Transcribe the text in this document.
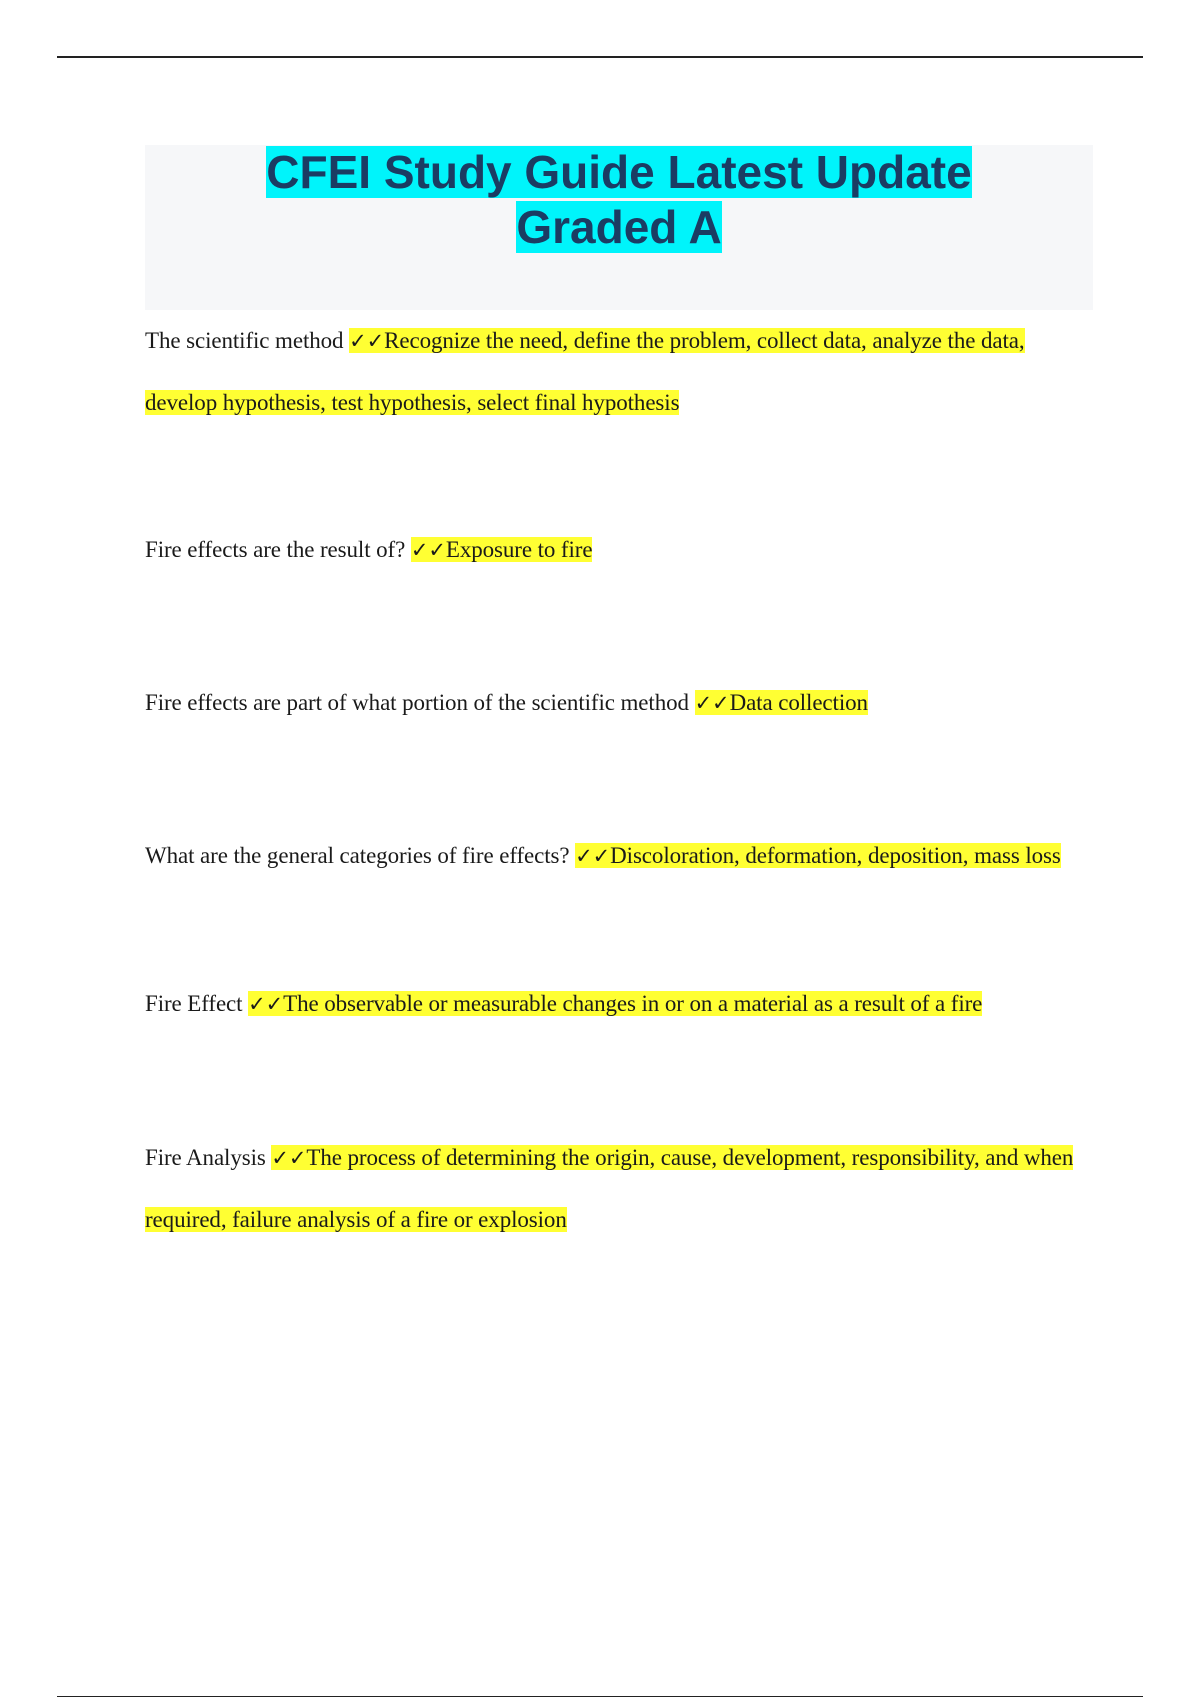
CFEI Study Guide Latest Update
Graded A

The scientific method ✓✓Recognize the need, define the problem, collect data, analyze the data, develop hypothesis, test hypothesis, select final hypothesis

Fire effects are the result of? ✓✓Exposure to fire

Fire effects are part of what portion of the scientific method ✓✓Data collection

What are the general categories of fire effects? ✓✓Discoloration, deformation, deposition, mass loss

Fire Effect ✓✓The observable or measurable changes in or on a material as a result of a fire

Fire Analysis ✓✓The process of determining the origin, cause, development, responsibility, and when required, failure analysis of a fire or explosion
